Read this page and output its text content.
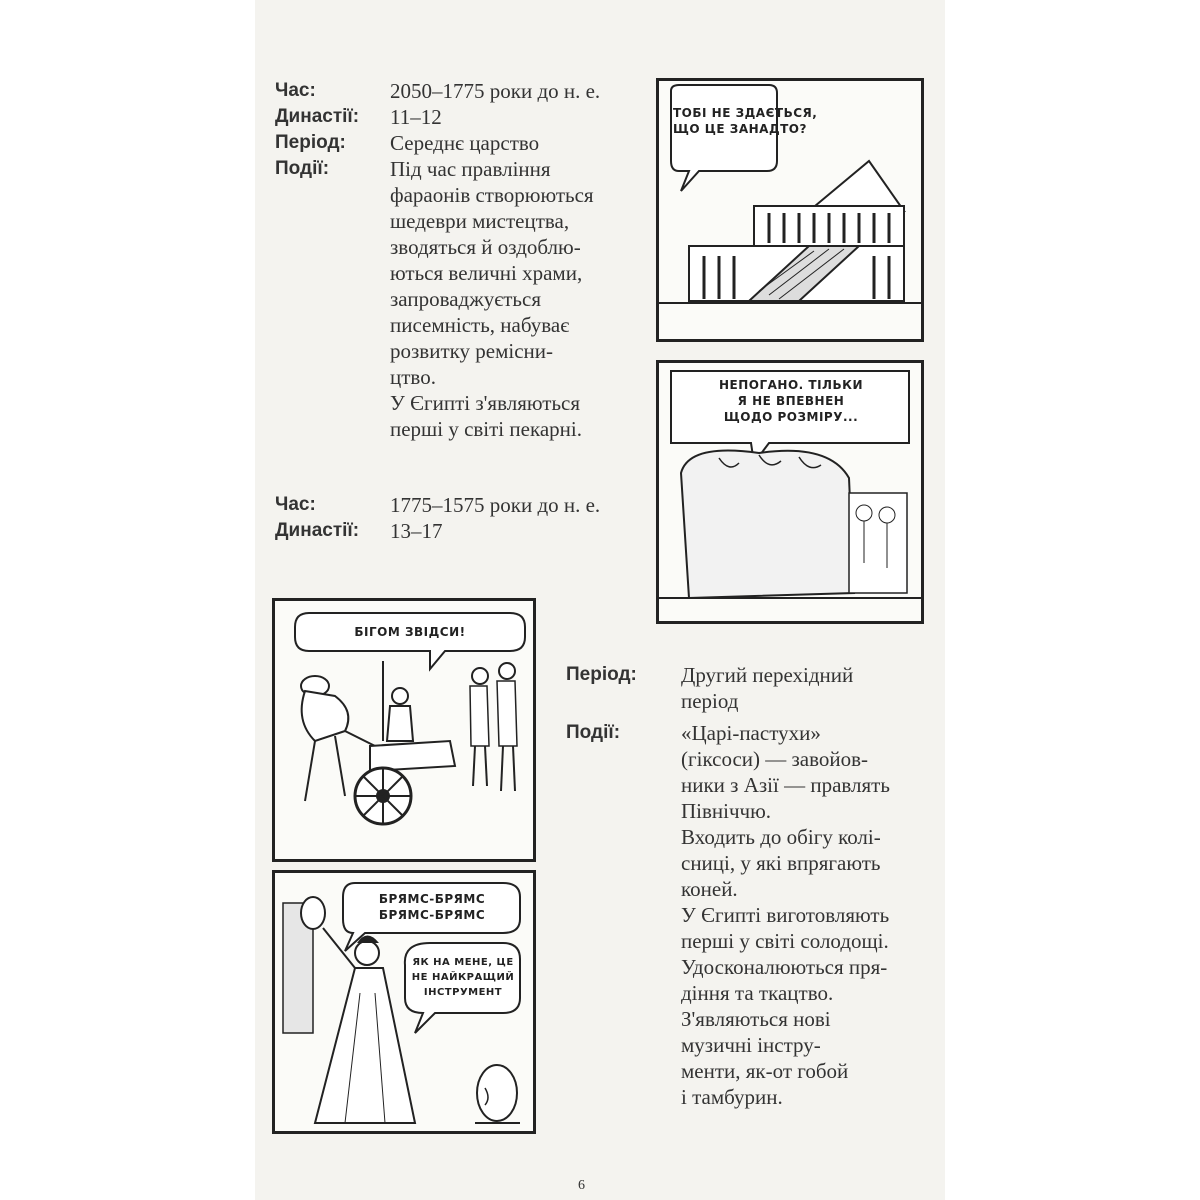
Час:	2050–1775 роки до н. е.
Династії:	11–12
Період:	Середнє царство
Події:	Під час правління
фараонів створюються
шедеври мистецтва,
зводяться й оздоблю-
ються величні храми,
запроваджується
писемність, набуває
розвитку ремісни-
цтво.
У Єгипті з'являються
перші у світі пекарні.
Час:	1775–1575 роки до н. е.
Династії:	13–17
Період:	Другий перехідний
період
Події:	«Царі-пастухи»
(гіксоси) — завойов-
ники з Азії — правлять
Північчю.
Входить до обігу колі-
сниці, у які впрягають
коней.
У Єгипті виготовляють
перші у світі солодощі.
Удосконалюються пря-
діння та ткацтво.
З'являються нові
музичні інстру-
менти, як-от гобой
і тамбурин.
ТОБІ НЕ ЗДАЄТЬСЯ,
ЩО ЦЕ ЗАНАДТО?
НЕПОГАНО. ТІЛЬКИ
Я НЕ ВПЕВНЕН
ЩОДО РОЗМІРУ...
БІГОМ ЗВІДСИ!
БРЯМС-БРЯМС
БРЯМС-БРЯМС
ЯК НА МЕНЕ, ЦЕ
НЕ НАЙКРАЩИЙ
ІНСТРУМЕНТ
6
